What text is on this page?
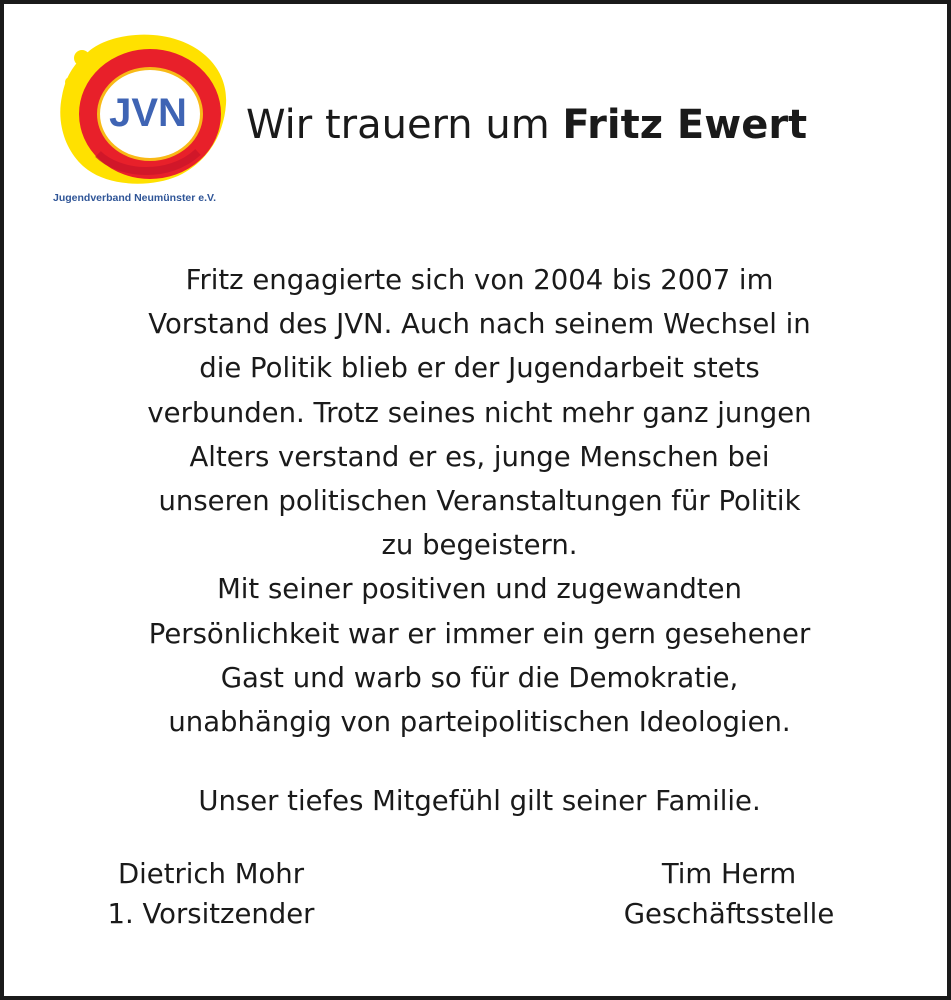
JVN
Jugendverband Neumünster e.V.
Wir trauern um Fritz Ewert

Fritz engagierte sich von 2004 bis 2007 im

Vorstand des JVN. Auch nach seinem Wechsel in

die Politik blieb er der Jugendarbeit stets

verbunden. Trotz seines nicht mehr ganz jungen

Alters verstand er es, junge Menschen bei

unseren politischen Veranstaltungen für Politik

zu begeistern.

Mit seiner positiven und zugewandten

Persönlichkeit war er immer ein gern gesehener

Gast und warb so für die Demokratie,

unabhängig von parteipolitischen Ideologien.

Unser tiefes Mitgefühl gilt seiner Familie.
Dietrich Mohr
1. Vorsitzender
Tim Herm
Geschäftsstelle
